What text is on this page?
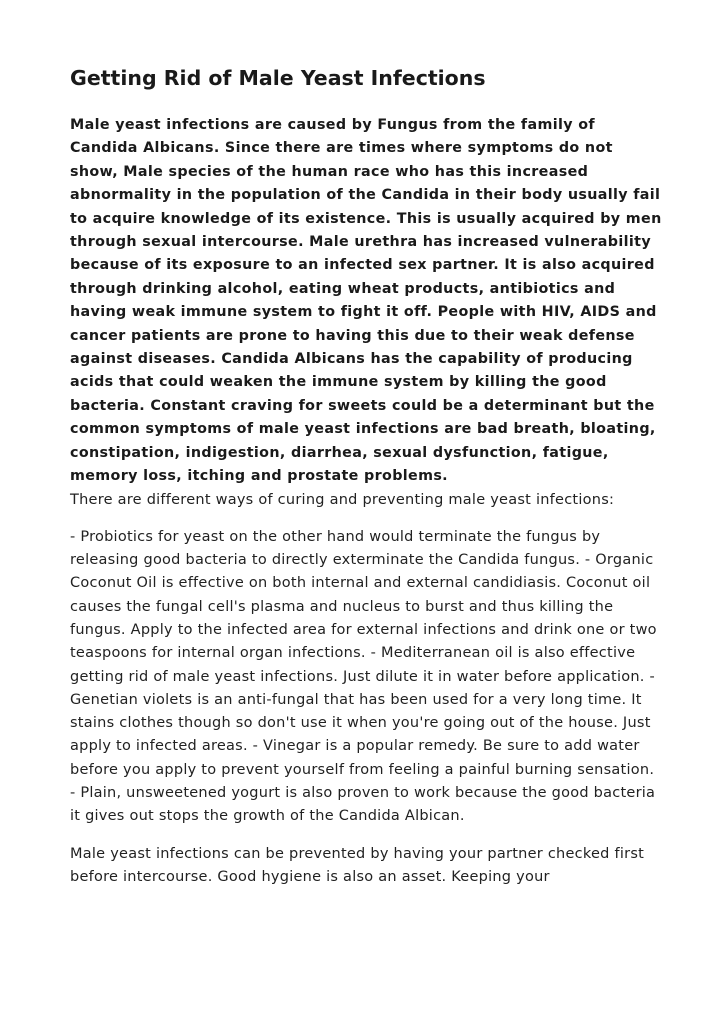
Getting Rid of Male Yeast Infections

Male yeast infections are caused by Fungus from the family of Candida Albicans. Since there are times where symptoms do not show, Male species of the human race who has this increased abnormality in the population of the Candida in their body usually fail to acquire knowledge of its existence. This is usually acquired by men through sexual intercourse. Male urethra has increased vulnerability because of its exposure to an infected sex partner. It is also acquired through drinking alcohol, eating wheat products, antibiotics and having weak immune system to fight it off. People with HIV, AIDS and cancer patients are prone to having this due to their weak defense against diseases. Candida Albicans has the capability of producing acids that could weaken the immune system by killing the good bacteria. Constant craving for sweets could be a determinant but the common symptoms of male yeast infections are bad breath, bloating, constipation, indigestion, diarrhea, sexual dysfunction, fatigue, memory loss, itching and prostate problems.

There are different ways of curing and preventing male yeast infections:

- Probiotics for yeast on the other hand would terminate the fungus by releasing good bacteria to directly exterminate the Candida fungus. - Organic Coconut Oil is effective on both internal and external candidiasis. Coconut oil causes the fungal cell's plasma and nucleus to burst and thus killing the fungus. Apply to the infected area for external infections and drink one or two teaspoons for internal organ infections. - Mediterranean oil is also effective getting rid of male yeast infections. Just dilute it in water before application. - Genetian violets is an anti-fungal that has been used for a very long time. It stains clothes though so don't use it when you're going out of the house. Just apply to infected areas. - Vinegar is a popular remedy. Be sure to add water before you apply to prevent yourself from feeling a painful burning sensation. - Plain, unsweetened yogurt is also proven to work because the good bacteria it gives out stops the growth of the Candida Albican.

Male yeast infections can be prevented by having your partner checked first before intercourse. Good hygiene is also an asset. Keeping your
